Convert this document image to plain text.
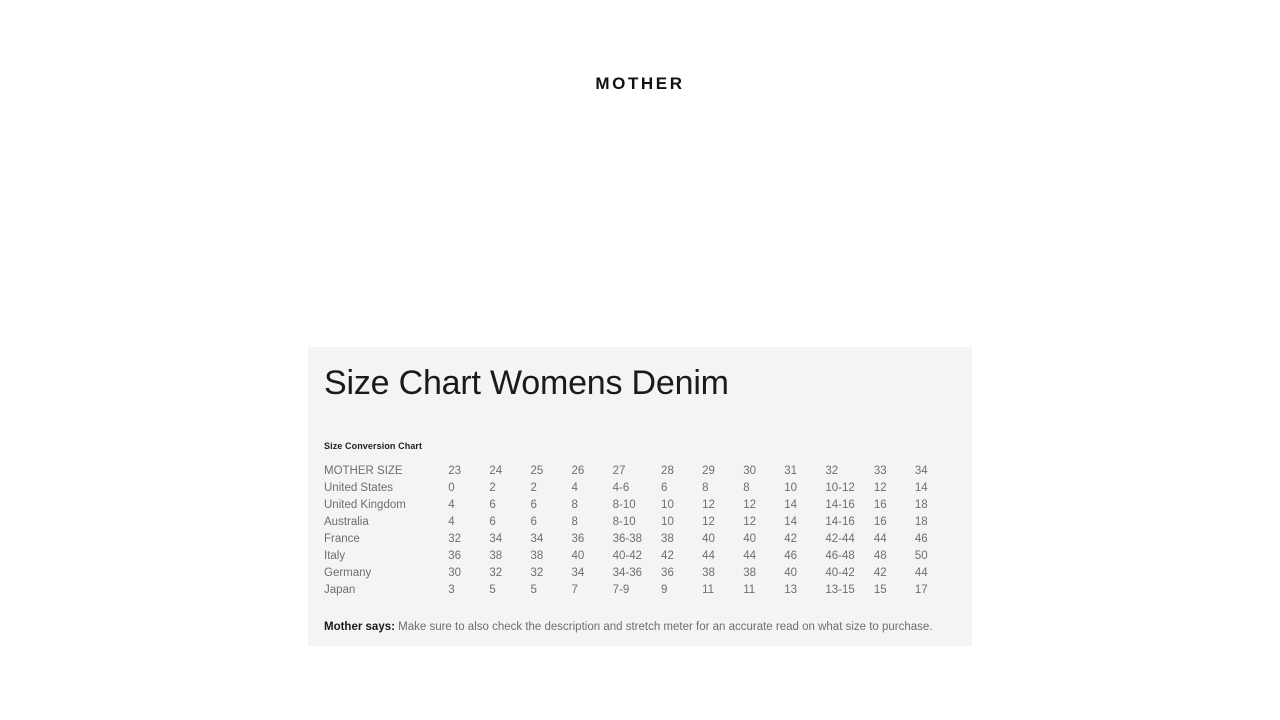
MOTHER
Size Chart Womens Denim
Size Conversion Chart
MOTHER SIZE	23	24	25	26	27	28	29	30	31	32	33	34
United States	0	2	2	4	4-6	6	8	8	10	10-12	12	14
United Kingdom	4	6	6	8	8-10	10	12	12	14	14-16	16	18
Australia	4	6	6	8	8-10	10	12	12	14	14-16	16	18
France	32	34	34	36	36-38	38	40	40	42	42-44	44	46
Italy	36	38	38	40	40-42	42	44	44	46	46-48	48	50
Germany	30	32	32	34	34-36	36	38	38	40	40-42	42	44
Japan	3	5	5	7	7-9	9	11	11	13	13-15	15	17
Mother says: Make sure to also check the description and stretch meter for an accurate read on what size to purchase.
